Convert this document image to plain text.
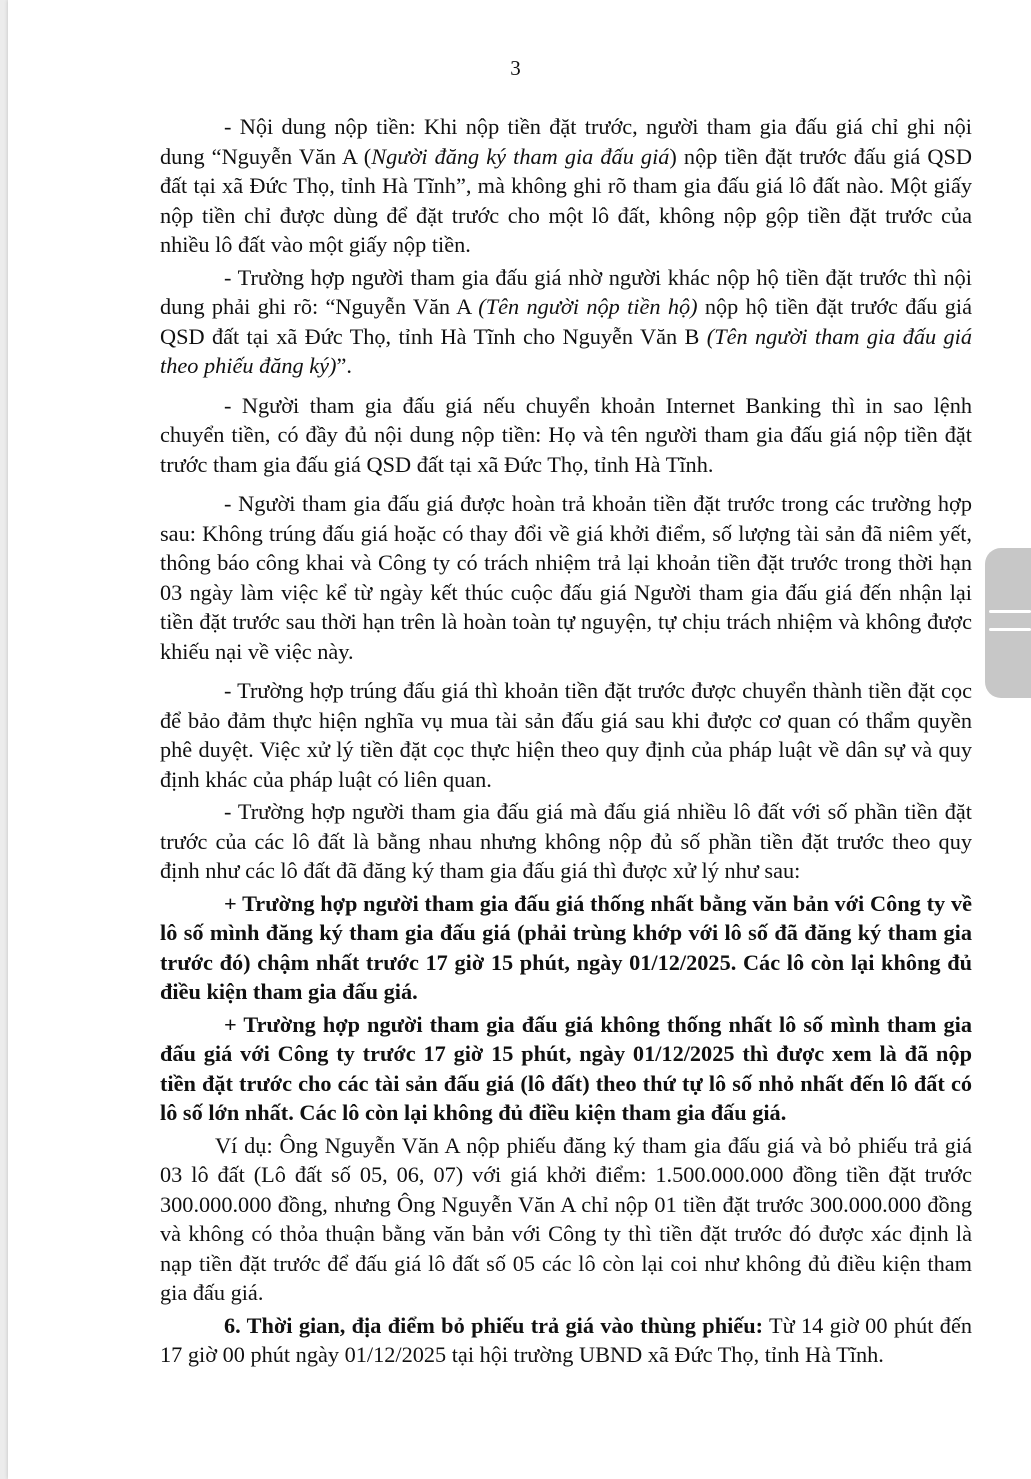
3

- Nội dung nộp tiền: Khi nộp tiền đặt trước, người tham gia đấu giá chỉ ghi nội dung “Nguyễn Văn A (Người đăng ký tham gia đấu giá) nộp tiền đặt trước đấu giá QSD đất tại xã Đức Thọ, tỉnh Hà Tĩnh”, mà không ghi rõ tham gia đấu giá lô đất nào. Một giấy nộp tiền chỉ được dùng để đặt trước cho một lô đất, không nộp gộp tiền đặt trước của nhiều lô đất vào một giấy nộp tiền.

- Trường hợp người tham gia đấu giá nhờ người khác nộp hộ tiền đặt trước thì nội dung phải ghi rõ: “Nguyễn Văn A (Tên người nộp tiền hộ) nộp hộ tiền đặt trước đấu giá QSD đất tại xã Đức Thọ, tỉnh Hà Tĩnh cho Nguyễn Văn B (Tên người tham gia đấu giá theo phiếu đăng ký)”.

- Người tham gia đấu giá nếu chuyển khoản Internet Banking thì in sao lệnh chuyển tiền, có đầy đủ nội dung nộp tiền: Họ và tên người tham gia đấu giá nộp tiền đặt trước tham gia đấu giá QSD đất tại xã Đức Thọ, tỉnh Hà Tĩnh.

- Người tham gia đấu giá được hoàn trả khoản tiền đặt trước trong các trường hợp sau: Không trúng đấu giá hoặc có thay đổi về giá khởi điểm, số lượng tài sản đã niêm yết, thông báo công khai và Công ty có trách nhiệm trả lại khoản tiền đặt trước trong thời hạn 03 ngày làm việc kể từ ngày kết thúc cuộc đấu giá Người tham gia đấu giá đến nhận lại tiền đặt trước sau thời hạn trên là hoàn toàn tự nguyện, tự chịu trách nhiệm và không được khiếu nại về việc này.

- Trường hợp trúng đấu giá thì khoản tiền đặt trước được chuyển thành tiền đặt cọc để bảo đảm thực hiện nghĩa vụ mua tài sản đấu giá sau khi được cơ quan có thẩm quyền phê duyệt. Việc xử lý tiền đặt cọc thực hiện theo quy định của pháp luật về dân sự và quy định khác của pháp luật có liên quan.

- Trường hợp người tham gia đấu giá mà đấu giá nhiều lô đất với số phần tiền đặt trước của các lô đất là bằng nhau nhưng không nộp đủ số phần tiền đặt trước theo quy định như các lô đất đã đăng ký tham gia đấu giá thì được xử lý như sau:

+ Trường hợp người tham gia đấu giá thống nhất bằng văn bản với Công ty về lô số mình đăng ký tham gia đấu giá (phải trùng khớp với lô số đã đăng ký tham gia trước đó) chậm nhất trước 17 giờ 15 phút, ngày 01/12/2025. Các lô còn lại không đủ điều kiện tham gia đấu giá.

+ Trường hợp người tham gia đấu giá không thống nhất lô số mình tham gia đấu giá với Công ty trước 17 giờ 15 phút, ngày 01/12/2025 thì được xem là đã nộp tiền đặt trước cho các tài sản đấu giá (lô đất) theo thứ tự lô số nhỏ nhất đến lô đất có lô số lớn nhất. Các lô còn lại không đủ điều kiện tham gia đấu giá.

Ví dụ: Ông Nguyễn Văn A nộp phiếu đăng ký tham gia đấu giá và bỏ phiếu trả giá 03 lô đất (Lô đất số 05, 06, 07) với giá khởi điểm: 1.500.000.000 đồng tiền đặt trước 300.000.000 đồng, nhưng Ông Nguyễn Văn A chỉ nộp 01 tiền đặt trước 300.000.000 đồng và không có thỏa thuận bằng văn bản với Công ty thì tiền đặt trước đó được xác định là nạp tiền đặt trước để đấu giá lô đất số 05 các lô còn lại coi như không đủ điều kiện tham gia đấu giá.

6. Thời gian, địa điểm bỏ phiếu trả giá vào thùng phiếu: Từ 14 giờ 00 phút đến 17 giờ 00 phút ngày 01/12/2025 tại hội trường UBND xã Đức Thọ, tỉnh Hà Tĩnh.
